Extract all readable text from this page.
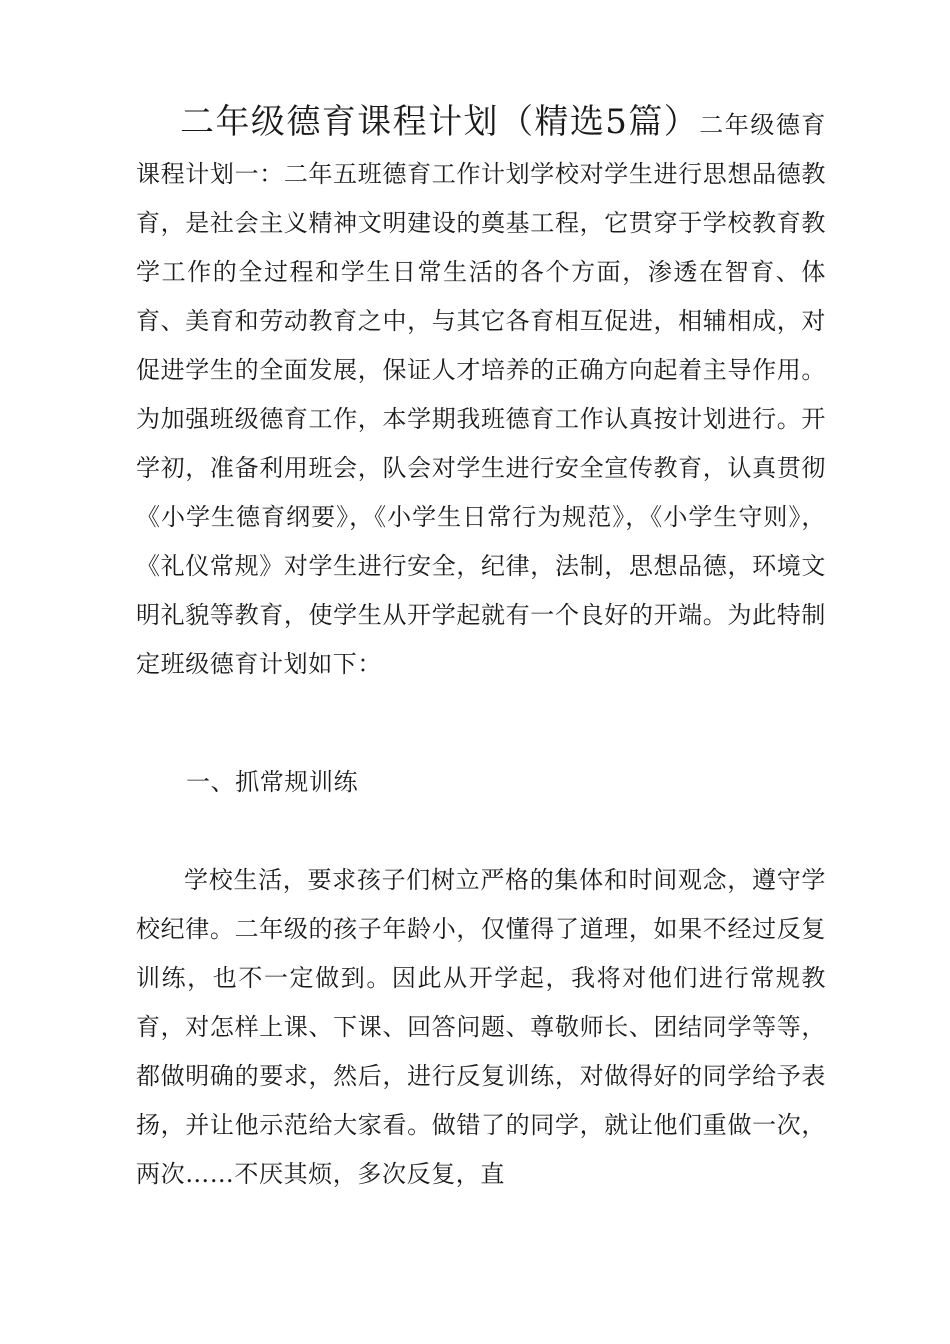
二年级德育课程计划（精选5篇）二年级德育课程计划一：二年五班德育工作计划学校对学生进行思想品德教育，是社会主义精神文明建设的奠基工程，它贯穿于学校教育教学工作的全过程和学生日常生活的各个方面，渗透在智育、体育、美育和劳动教育之中，与其它各育相互促进，相辅相成，对促进学生的全面发展，保证人才培养的正确方向起着主导作用。为加强班级德育工作，本学期我班德育工作认真按计划进行。开学初，准备利用班会，队会对学生进行安全宣传教育，认真贯彻《小学生德育纲要》，《小学生日常行为规范》，《小学生守则》，《礼仪常规》对学生进行安全，纪律，法制，思想品德，环境文明礼貌等教育，使学生从开学起就有一个良好的开端。为此特制定班级德育计划如下：

一、抓常规训练

学校生活，要求孩子们树立严格的集体和时间观念，遵守学校纪律。二年级的孩子年龄小，仅懂得了道理，如果不经过反复训练，也不一定做到。因此从开学起，我将对他们进行常规教育，对怎样上课、下课、回答问题、尊敬师长、团结同学等等，都做明确的要求，然后，进行反复训练，对做得好的同学给予表扬，并让他示范给大家看。做错了的同学，就让他们重做一次，两次……不厌其烦，多次反复，直
